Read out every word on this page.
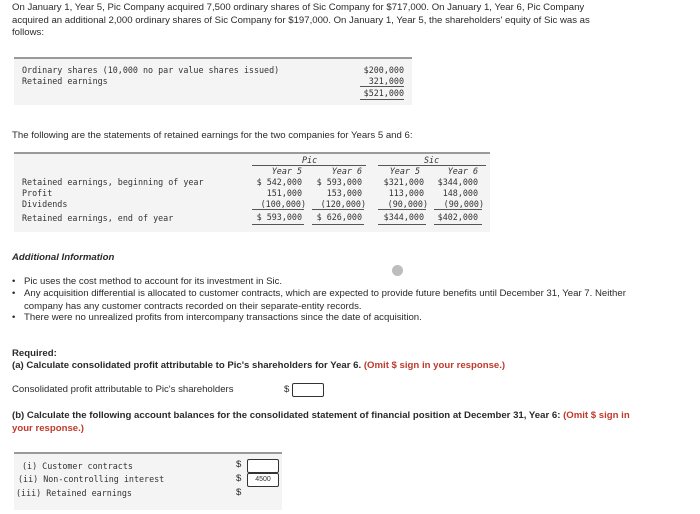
On January 1, Year 5, Pic Company acquired 7,500 ordinary shares of Sic Company for $717,000. On January 1, Year 6, Pic Company acquired an additional 2,000 ordinary shares of Sic Company for $197,000. On January 1, Year 5, the shareholders' equity of Sic was as follows:
Ordinary shares (10,000 no par value shares issued)	$200,000
Retained earnings	321,000
$521,000
The following are the statements of retained earnings for the two companies for Years 5 and 6:
Pic	Sic
Year 5	Year 6	Year 5	Year 6
Retained earnings, beginning of year	$ 542,000	$ 593,000	$321,000	$344,000
Profit	151,000	153,000	113,000	148,000
Dividends	(100,000)	(120,000)	(90,000)	(90,000)
Retained earnings, end of year	$ 593,000	$ 626,000	$344,000	$402,000
Additional Information
• Pic uses the cost method to account for its investment in Sic.
• Any acquisition differential is allocated to customer contracts, which are expected to provide future benefits until December 31, Year 7. Neither company has any customer contracts recorded on their separate-entity records.
• There were no unrealized profits from intercompany transactions since the date of acquisition.
Required:
(a) Calculate consolidated profit attributable to Pic's shareholders for Year 6. (Omit $ sign in your response.)
Consolidated profit attributable to Pic's shareholders	$
(b) Calculate the following account balances for the consolidated statement of financial position at December 31, Year 6: (Omit $ sign in your response.)
(i) Customer contracts	$
(ii) Non-controlling interest	$	4500
(iii) Retained earnings	$
